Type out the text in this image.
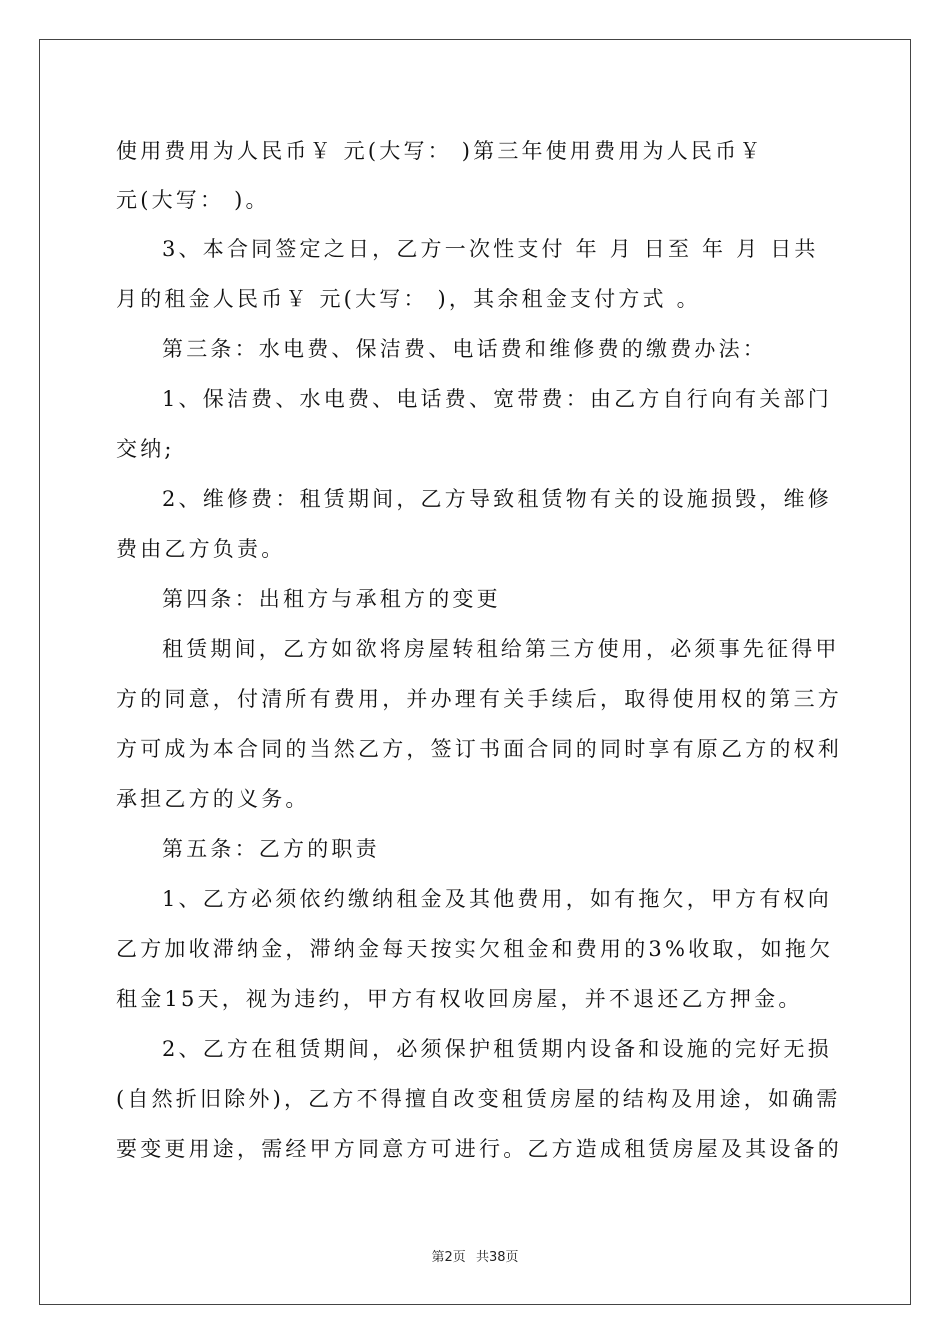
使用费用为人民币￥ 元(大写： )第三年使用费用为人民币￥
元(大写： )。
3、本合同签定之日，乙方一次性支付 年 月 日至 年 月 日共
月的租金人民币￥ 元(大写： )，其余租金支付方式 。
第三条：水电费、保洁费、电话费和维修费的缴费办法：
1、保洁费、水电费、电话费、宽带费：由乙方自行向有关部门
交纳;
2、维修费：租赁期间，乙方导致租赁物有关的设施损毁，维修
费由乙方负责。
第四条：出租方与承租方的变更
租赁期间，乙方如欲将房屋转租给第三方使用，必须事先征得甲
方的同意，付清所有费用，并办理有关手续后，取得使用权的第三方
方可成为本合同的当然乙方，签订书面合同的同时享有原乙方的权利
承担乙方的义务。
第五条：乙方的职责
1、乙方必须依约缴纳租金及其他费用，如有拖欠，甲方有权向
乙方加收滞纳金，滞纳金每天按实欠租金和费用的3%收取，如拖欠
租金15天，视为违约，甲方有权收回房屋，并不退还乙方押金。
2、乙方在租赁期间，必须保护租赁期内设备和设施的完好无损
(自然折旧除外)，乙方不得擅自改变租赁房屋的结构及用途，如确需
要变更用途，需经甲方同意方可进行。乙方造成租赁房屋及其设备的
第2页 共38页
